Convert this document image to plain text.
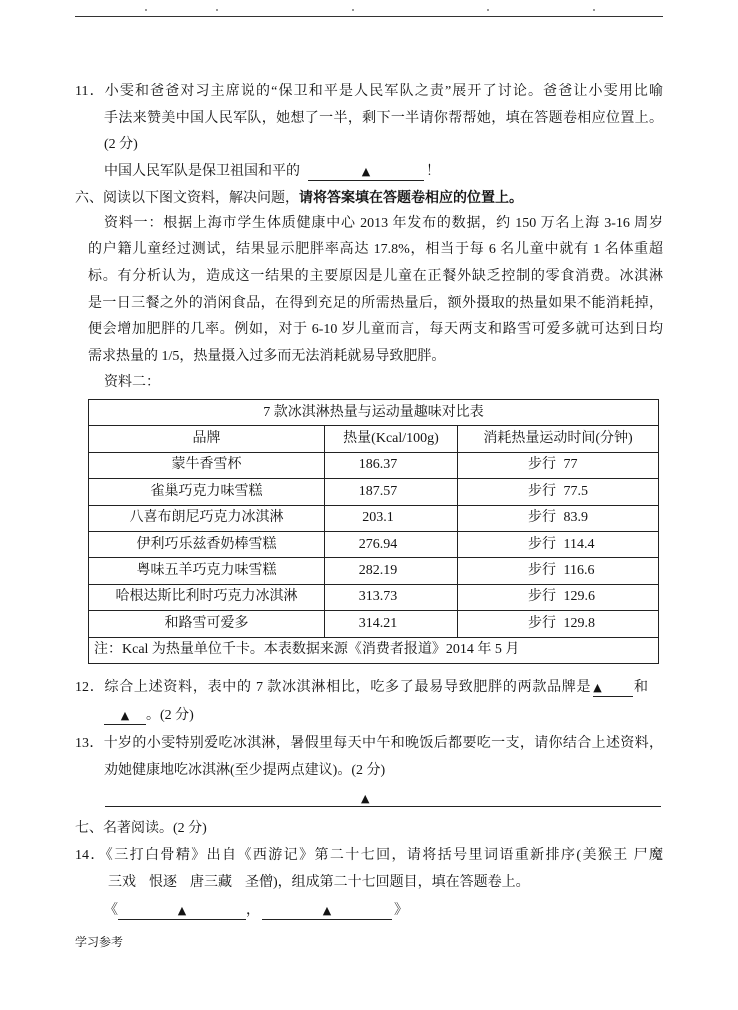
11．小雯和爸爸对习主席说的“保卫和平是人民军队之责”展开了讨论。爸爸让小雯用比喻
手法来赞美中国人民军队，她想了一半，剩下一半请你帮帮她，填在答题卷相应位置上。
(2 分)
中国人民军队是保卫祖国和平的	▲	！
六、阅读以下图文资料，解决问题，请将答案填在答题卷相应的位置上。
资料一：根据上海市学生体质健康中心 2013 年发布的数据，约 150 万名上海 3-16 周岁
的户籍儿童经过测试，结果显示肥胖率高达 17.8%，相当于每 6 名儿童中就有 1 名体重超
标。有分析认为，造成这一结果的主要原因是儿童在正餐外缺乏控制的零食消费。冰淇淋
是一日三餐之外的消闲食品，在得到充足的所需热量后，额外摄取的热量如果不能消耗掉，
便会增加肥胖的几率。例如，对于 6-10 岁儿童而言，每天两支和路雪可爱多就可达到日均
需求热量的 1/5，热量摄入过多而无法消耗就易导致肥胖。
资料二：
7 款冰淇淋热量与运动量趣味对比表		
品牌	热量(Kcal/100g)	消耗热量运动时间(分钟)
蒙牛香雪杯	186.37	步行 77
雀巢巧克力味雪糕	187.57	步行 77.5
八喜布朗尼巧克力冰淇淋	203.1	步行 83.9
伊利巧乐兹香奶棒雪糕	276.94	步行 114.4
粤味五羊巧克力味雪糕	282.19	步行 116.6
哈根达斯比利时巧克力冰淇淋	313.73	步行 129.6
和路雪可爱多	314.21	步行 129.8
注：Kcal 为热量单位千卡。本表数据来源《消费者报道》2014 年 5 月		
12．综合上述资料，表中的 7 款冰淇淋相比，吃多了最易导致肥胖的两款品牌是 ▲ 和
▲ 。(2 分)
13．十岁的小雯特别爱吃冰淇淋，暑假里每天中午和晚饭后都要吃一支，请你结合上述资料，
劝她健康地吃冰淇淋(至少提两点建议)。(2 分)
▲
七、名著阅读。(2 分)
14．《三打白骨精》出自《西游记》第二十七回，请将括号里词语重新排序(美猴王 尸魔
三戏  恨逐  唐三藏  圣僧)，组成第二十七回题目，填在答题卷上。
《	▲	，	▲	》
学习参考
